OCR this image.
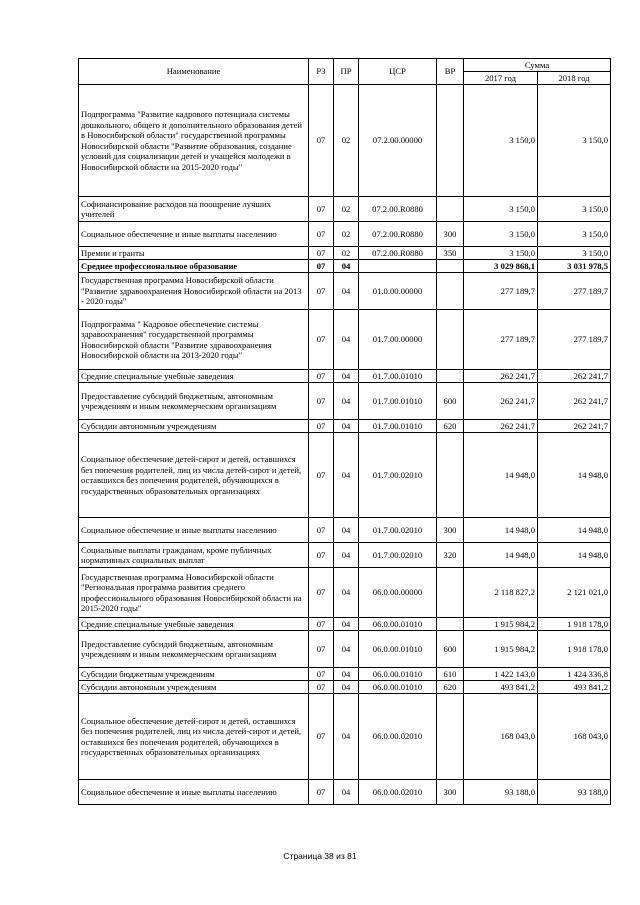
Наименование	РЗ	ПР	ЦСР	ВР	Сумма	
					2017 год	2018 год
Подпрограмма "Развитие кадрового потенциала системы дошкольного, общего и дополнительного образования детей в Новосибирской области" государственной программы Новосибирской области "Развитие образования, создание условий для социализации детей и учащейся молодежи в Новосибирской области на 2015-2020 годы"	07	02	07.2.00.00000		3 150,0	3 150,0
Софинансирование расходов на поощрение лучших учителей	07	02	07.2.00.R0880		3 150,0	3 150,0
Социальное обеспечение и иные выплаты населению	07	02	07.2.00.R0880	300	3 150,0	3 150,0
Премии и гранты	07	02	07.2.00.R0880	350	3 150,0	3 150,0
Среднее профессиональное образование	07	04			3 029 868,1	3 031 978,5
Государственная программа Новосибирской области "Развитие здравоохранения Новосибирской области на 2013 - 2020 годы"	07	04	01.0.00.00000		277 189,7	277 189,7
Подпрограмма " Кадровое обеспечение системы здравоохранения" государственной программы Новосибирской области "Развитие здравоохранения Новосибирской области на 2013-2020 годы"	07	04	01.7.00.00000		277 189,7	277 189,7
Средние специальные учебные заведения	07	04	01.7.00.01010		262 241,7	262 241,7
Предоставление субсидий бюджетным, автономным учреждениям и иным некоммерческим организациям	07	04	01.7.00.01010	600	262 241,7	262 241,7
Субсидии автономным учреждениям	07	04	01.7.00.01010	620	262 241,7	262 241,7
Социальное обеспечение детей-сирот и детей, оставшихся без попечения родителей, лиц из числа детей-сирот и детей, оставшихся без попечения родителей, обучающихся в государственных образовательных организациях	07	04	01.7.00.02010		14 948,0	14 948,0
Социальное обеспечение и иные выплаты населению	07	04	01.7.00.02010	300	14 948,0	14 948,0
Социальные выплаты гражданам, кроме публичных нормативных социальных выплат	07	04	01.7.00.02010	320	14 948,0	14 948,0
Государственная программа Новосибирской области "Региональная программа развития среднего профессионального образования Новосибирской области на 2015-2020 годы"	07	04	06.0.00.00000		2 118 827,2	2 121 021,0
Средние специальные учебные заведения	07	04	06.0.00.01010		1 915 984,2	1 918 178,0
Предоставление субсидий бюджетным, автономным учреждениям и иным некоммерческим организациям	07	04	06.0.00.01010	600	1 915 984,2	1 918 178,0
Субсидии бюджетным учреждениям	07	04	06.0.00.01010	610	1 422 143,0	1 424 336,8
Субсидии автономным учреждениям	07	04	06.0.00.01010	620	493 841,2	493 841,2
Социальное обеспечение детей-сирот и детей, оставшихся без попечения родителей, лиц из числа детей-сирот и детей, оставшихся без попечения родителей, обучающихся в государственных образовательных организациях	07	04	06.0.00.02010		168 043,0	168 043,0
Социальное обеспечение и иные выплаты населению	07	04	06.0.00.02010	300	93 188,0	93 188,0
Страница 38 из 81
